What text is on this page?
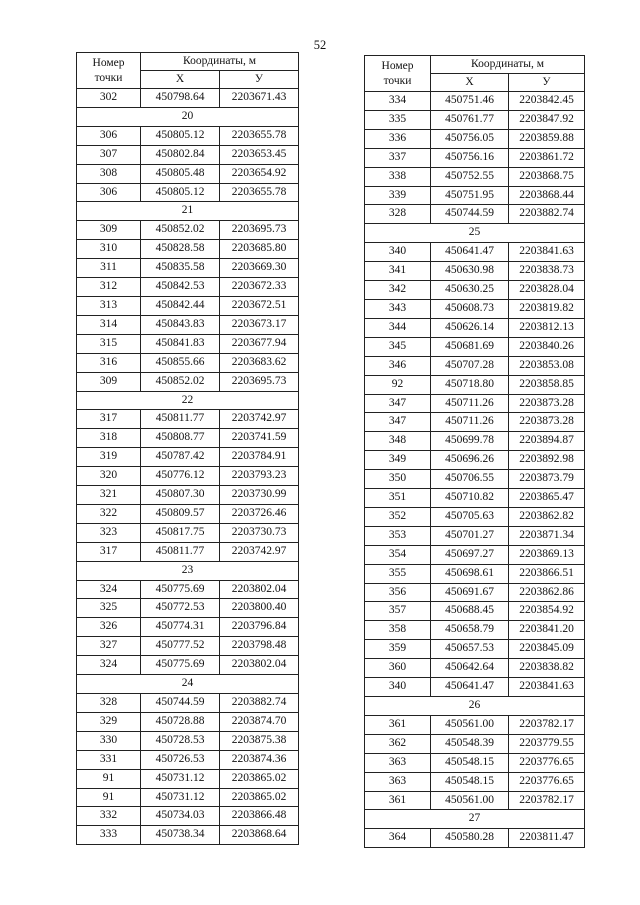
52
Номер
точки	Координаты, м	
	X	У
302	450798.64	2203671.43
20		
306	450805.12	2203655.78
307	450802.84	2203653.45
308	450805.48	2203654.92
306	450805.12	2203655.78
21		
309	450852.02	2203695.73
310	450828.58	2203685.80
311	450835.58	2203669.30
312	450842.53	2203672.33
313	450842.44	2203672.51
314	450843.83	2203673.17
315	450841.83	2203677.94
316	450855.66	2203683.62
309	450852.02	2203695.73
22		
317	450811.77	2203742.97
318	450808.77	2203741.59
319	450787.42	2203784.91
320	450776.12	2203793.23
321	450807.30	2203730.99
322	450809.57	2203726.46
323	450817.75	2203730.73
317	450811.77	2203742.97
23		
324	450775.69	2203802.04
325	450772.53	2203800.40
326	450774.31	2203796.84
327	450777.52	2203798.48
324	450775.69	2203802.04
24		
328	450744.59	2203882.74
329	450728.88	2203874.70
330	450728.53	2203875.38
331	450726.53	2203874.36
91	450731.12	2203865.02
91	450731.12	2203865.02
332	450734.03	2203866.48
333	450738.34	2203868.64
Номер
точки	Координаты, м	
	X	У
334	450751.46	2203842.45
335	450761.77	2203847.92
336	450756.05	2203859.88
337	450756.16	2203861.72
338	450752.55	2203868.75
339	450751.95	2203868.44
328	450744.59	2203882.74
25		
340	450641.47	2203841.63
341	450630.98	2203838.73
342	450630.25	2203828.04
343	450608.73	2203819.82
344	450626.14	2203812.13
345	450681.69	2203840.26
346	450707.28	2203853.08
92	450718.80	2203858.85
347	450711.26	2203873.28
347	450711.26	2203873.28
348	450699.78	2203894.87
349	450696.26	2203892.98
350	450706.55	2203873.79
351	450710.82	2203865.47
352	450705.63	2203862.82
353	450701.27	2203871.34
354	450697.27	2203869.13
355	450698.61	2203866.51
356	450691.67	2203862.86
357	450688.45	2203854.92
358	450658.79	2203841.20
359	450657.53	2203845.09
360	450642.64	2203838.82
340	450641.47	2203841.63
26		
361	450561.00	2203782.17
362	450548.39	2203779.55
363	450548.15	2203776.65
363	450548.15	2203776.65
361	450561.00	2203782.17
27		
364	450580.28	2203811.47
